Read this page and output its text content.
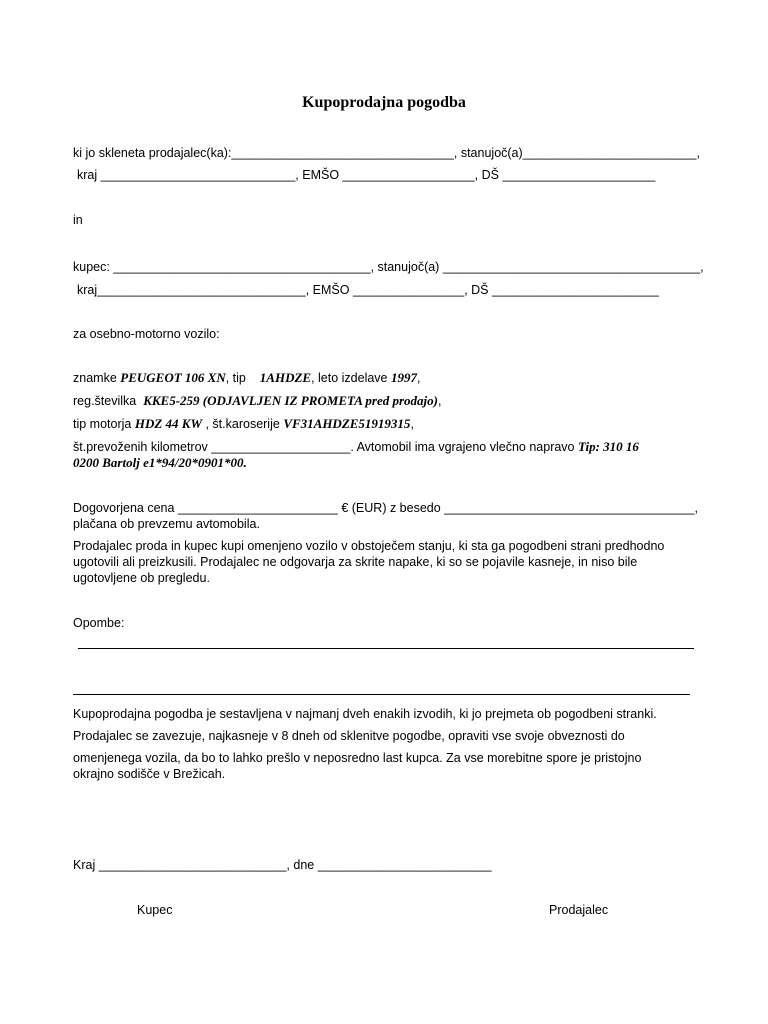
Kupoprodajna pogodba
ki jo skleneta prodajalec(ka):________________________________, stanujoč(a)_________________________,
kraj ____________________________, EMŠO ___________________, DŠ ______________________
in
kupec: _____________________________________, stanujoč(a) _____________________________________,
kraj______________________________, EMŠO ________________, DŠ ________________________
za osebno-motorno vozilo:
znamke PEUGEOT 106 XN, tip 1AHDZE, leto izdelave 1997,
reg.številka KKE5-259 (ODJAVLJEN IZ PROMETA pred prodajo),
tip motorja HDZ 44 KW , št.karoserije VF31AHDZE51919315,
št.prevoženih kilometrov ____________________. Avtomobil ima vgrajeno vlečno napravo Tip: 310 16
0200 Bartolj e1*94/20*0901*00.
Dogovorjena cena _______________________ € (EUR) z besedo ____________________________________,
plačana ob prevzemu avtomobila.
Prodajalec proda in kupec kupi omenjeno vozilo v obstoječem stanju, ki sta ga pogodbeni strani predhodno
ugotovili ali preizkusili. Prodajalec ne odgovarja za skrite napake, ki so se pojavile kasneje, in niso bile
ugotovljene ob pregledu.
Opombe:
Kupoprodajna pogodba je sestavljena v najmanj dveh enakih izvodih, ki jo prejmeta ob pogodbeni stranki.
Prodajalec se zavezuje, najkasneje v 8 dneh od sklenitve pogodbe, opraviti vse svoje obveznosti do
omenjenega vozila, da bo to lahko prešlo v neposredno last kupca. Za vse morebitne spore je pristojno
okrajno sodišče v Brežicah.
Kraj ___________________________, dne _________________________
Kupec	Prodajalec
